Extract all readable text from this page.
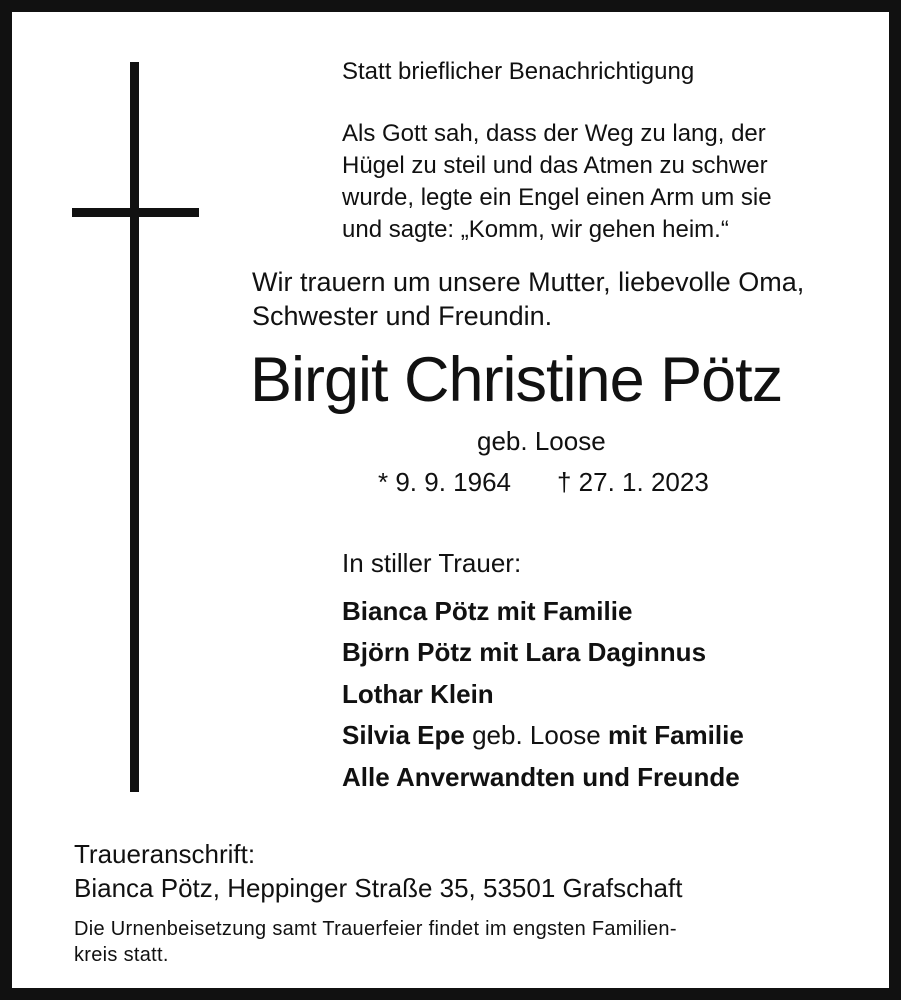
Statt brieflicher Benachrichtigung

Als Gott sah, dass der Weg zu lang, der
Hügel zu steil und das Atmen zu schwer
wurde, legte ein Engel einen Arm um sie
und sagte: „Komm, wir gehen heim.“
Wir trauern um unsere Mutter, liebevolle Oma,
Schwester und Freundin.

Birgit Christine Pötz

geb. Loose

* 9. 9. 1964 † 27. 1. 2023

In stiller Trauer:

Bianca Pötz mit Familie

Björn Pötz mit Lara Daginnus

Lothar Klein

Silvia Epe geb. Loose mit Familie

Alle Anverwandten und Freunde

Traueranschrift:
Bianca Pötz, Heppinger Straße 35, 53501 Grafschaft
Die Urnenbeisetzung samt Trauerfeier findet im engsten Familien-
kreis statt.
